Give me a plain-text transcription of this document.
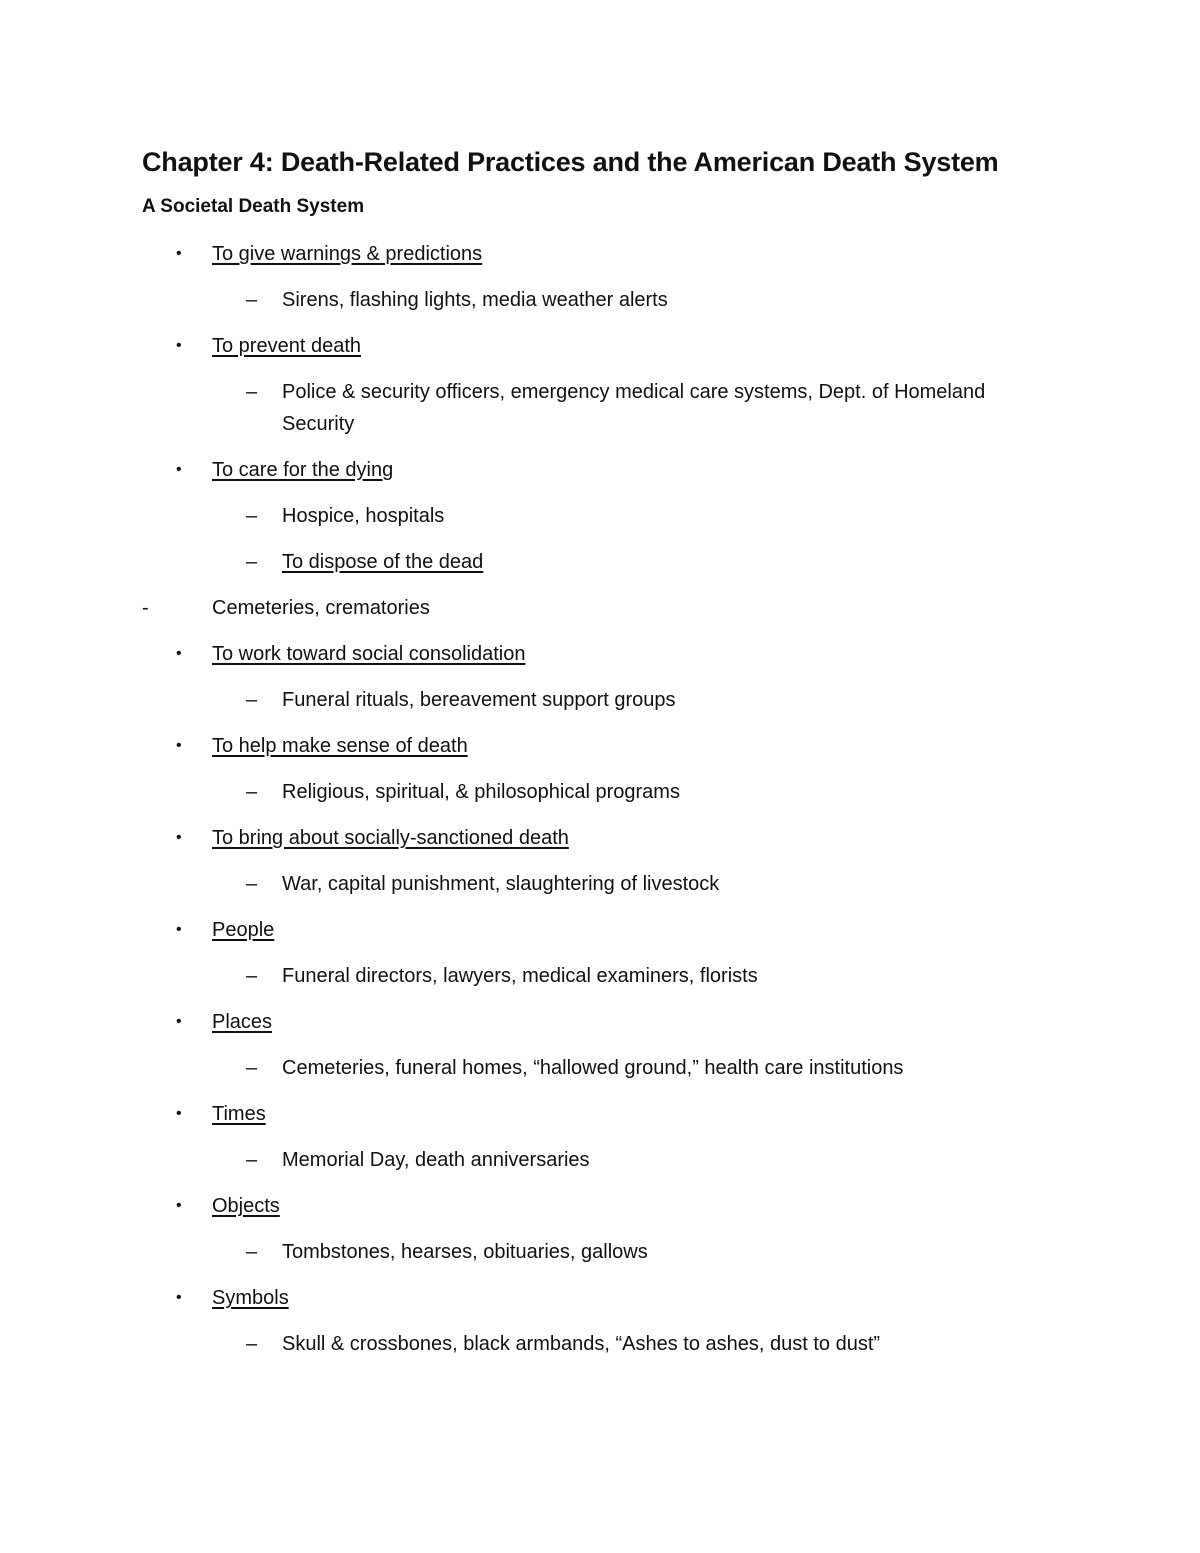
Chapter 4: Death-Related Practices and the American Death System
A Societal Death System
• To give warnings & predictions
– Sirens, flashing lights, media weather alerts
• To prevent death
– Police & security officers, emergency medical care systems, Dept. of Homeland Security
• To care for the dying
– Hospice, hospitals
– To dispose of the dead
-	Cemeteries, crematories
• To work toward social consolidation
– Funeral rituals, bereavement support groups
• To help make sense of death
– Religious, spiritual, & philosophical programs
• To bring about socially-sanctioned death
– War, capital punishment, slaughtering of livestock
• People
– Funeral directors, lawyers, medical examiners, florists
• Places
– Cemeteries, funeral homes, “hallowed ground,” health care institutions
• Times
– Memorial Day, death anniversaries
• Objects
– Tombstones, hearses, obituaries, gallows
• Symbols
– Skull & crossbones, black armbands, “Ashes to ashes, dust to dust”
